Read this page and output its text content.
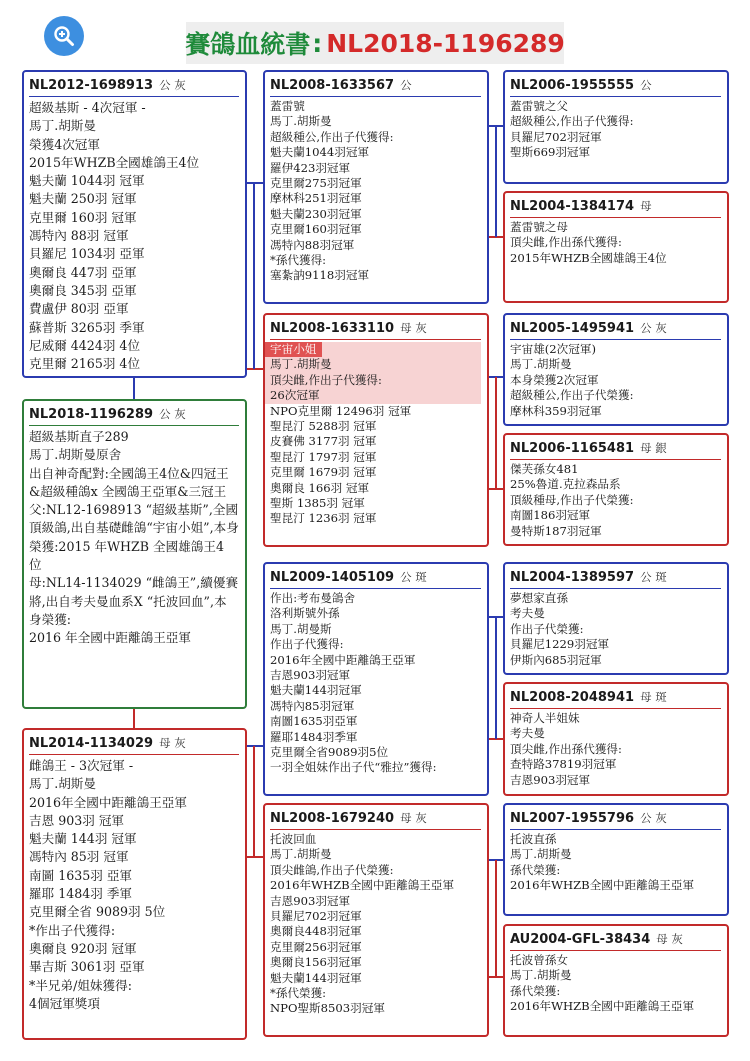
賽鴿血統書 : NL2018-1196289
NL2012-1698913 公 灰
超級基斯 - 4次冠軍 -
馬丁.胡斯曼
榮獲4次冠軍
2015年WHZB全國雄鴿王4位
魁夫蘭 1044羽 冠軍
魁夫蘭 250羽 冠軍
克里爾 160羽 冠軍
馮特內 88羽 冠軍
貝羅尼 1034羽 亞軍
奧爾良 447羽 亞軍
奧爾良 345羽 亞軍
費盧伊 80羽 亞軍
蘇普斯 3265羽 季軍
尼威爾 4424羽 4位
克里爾 2165羽 4位
NL2018-1196289 公 灰
超級基斯直子289
馬丁.胡斯曼原舍
出自神奇配對:全國鴿王4位&四冠王&超級種鴿x 全國鴿王亞軍&三冠王
父:NL12-1698913 “超級基斯”,全國頂級鴿,出自基礎雌鴿“宇宙小姐”,本身榮獲:2015 年WHZB 全國雄鴿王4 位
母:NL14-1134029 “雌鴿王”,續優賽將,出自考夫曼血系X “托波回血”,本身榮獲:
2016 年全國中距離鴿王亞軍
NL2014-1134029 母 灰
雌鴿王 - 3次冠軍 -
馬丁.胡斯曼
2016年全國中距離鴿王亞軍
吉恩 903羽 冠軍
魁夫蘭 144羽 冠軍
馮特內 85羽 冠軍
南圖 1635羽 亞軍
羅耶 1484羽 季軍
克里爾全省 9089羽 5位
*作出子代獲得:
奧爾良 920羽 冠軍
畢吉斯 3061羽 亞軍
*半兄弟/姐妹獲得:
4個冠軍獎項
NL2008-1633567 公
蓋雷號
馬丁.胡斯曼
超級種公,作出子代獲得:
魁夫蘭1044羽冠軍
羅伊423羽冠軍
克里爾275羽冠軍
摩林科251羽冠軍
魁夫蘭230羽冠軍
克里爾160羽冠軍
馮特內88羽冠軍
*孫代獲得:
塞紮訥9118羽冠軍
NL2008-1633110 母 灰
宇宙小姐
馬丁.胡斯曼
頂尖雌,作出子代獲得:
26次冠軍
NPO克里爾 12496羽 冠軍
聖昆汀 5288羽 冠軍
皮賽佛 3177羽 冠軍
聖昆汀 1797羽 冠軍
克里爾 1679羽 冠軍
奧爾良 166羽 冠軍
聖斯 1385羽 冠軍
聖昆汀 1236羽 冠軍
NL2009-1405109 公 斑
作出:考布曼鴿舍
洛利斯號外孫
馬丁.胡曼斯
作出子代獲得:
2016年全國中距離鴿王亞軍
吉恩903羽冠軍
魁夫蘭144羽冠軍
馮特內85羽冠軍
南圖1635羽亞軍
羅耶1484羽季軍
克里爾全省9089羽5位
一羽全姐妹作出子代“雅拉”獲得:
NL2008-1679240 母 灰
托波回血
馬丁.胡斯曼
頂尖雌鴿,作出子代榮獲:
2016年WHZB全國中距離鴿王亞軍
吉恩903羽冠軍
貝羅尼702羽冠軍
奧爾良448羽冠軍
克里爾256羽冠軍
奧爾良156羽冠軍
魁夫蘭144羽冠軍
*孫代榮獲:
NPO聖斯8503羽冠軍
NL2006-1955555 公
蓋雷號之父
超級種公,作出子代獲得:
貝羅尼702羽冠軍
聖斯669羽冠軍
NL2004-1384174 母
蓋雷號之母
頂尖雌,作出孫代獲得:
2015年WHZB全國雄鴿王4位
NL2005-1495941 公 灰
宇宙雄(2次冠軍)
馬丁.胡斯曼
本身榮獲2次冠軍
超級種公,作出子代榮獲:
摩林科359羽冠軍
NL2006-1165481 母 銀
傑芙孫女481
25%魯道.克拉森品系
頂級種母,作出子代榮獲:
南圖186羽冠軍
曼特斯187羽冠軍
NL2004-1389597 公 斑
夢想家直孫
考夫曼
作出子代榮獲:
貝羅尼1229羽冠軍
伊斯內685羽冠軍
NL2008-2048941 母 斑
神奇人半姐妹
考夫曼
頂尖雌,作出孫代獲得:
查特路37819羽冠軍
吉恩903羽冠軍
NL2007-1955796 公 灰
托波直孫
馬丁.胡斯曼
孫代榮獲:
2016年WHZB全國中距離鴿王亞軍
AU2004-GFL-38434 母 灰
托波曾孫女
馬丁.胡斯曼
孫代榮獲:
2016年WHZB全國中距離鴿王亞軍
